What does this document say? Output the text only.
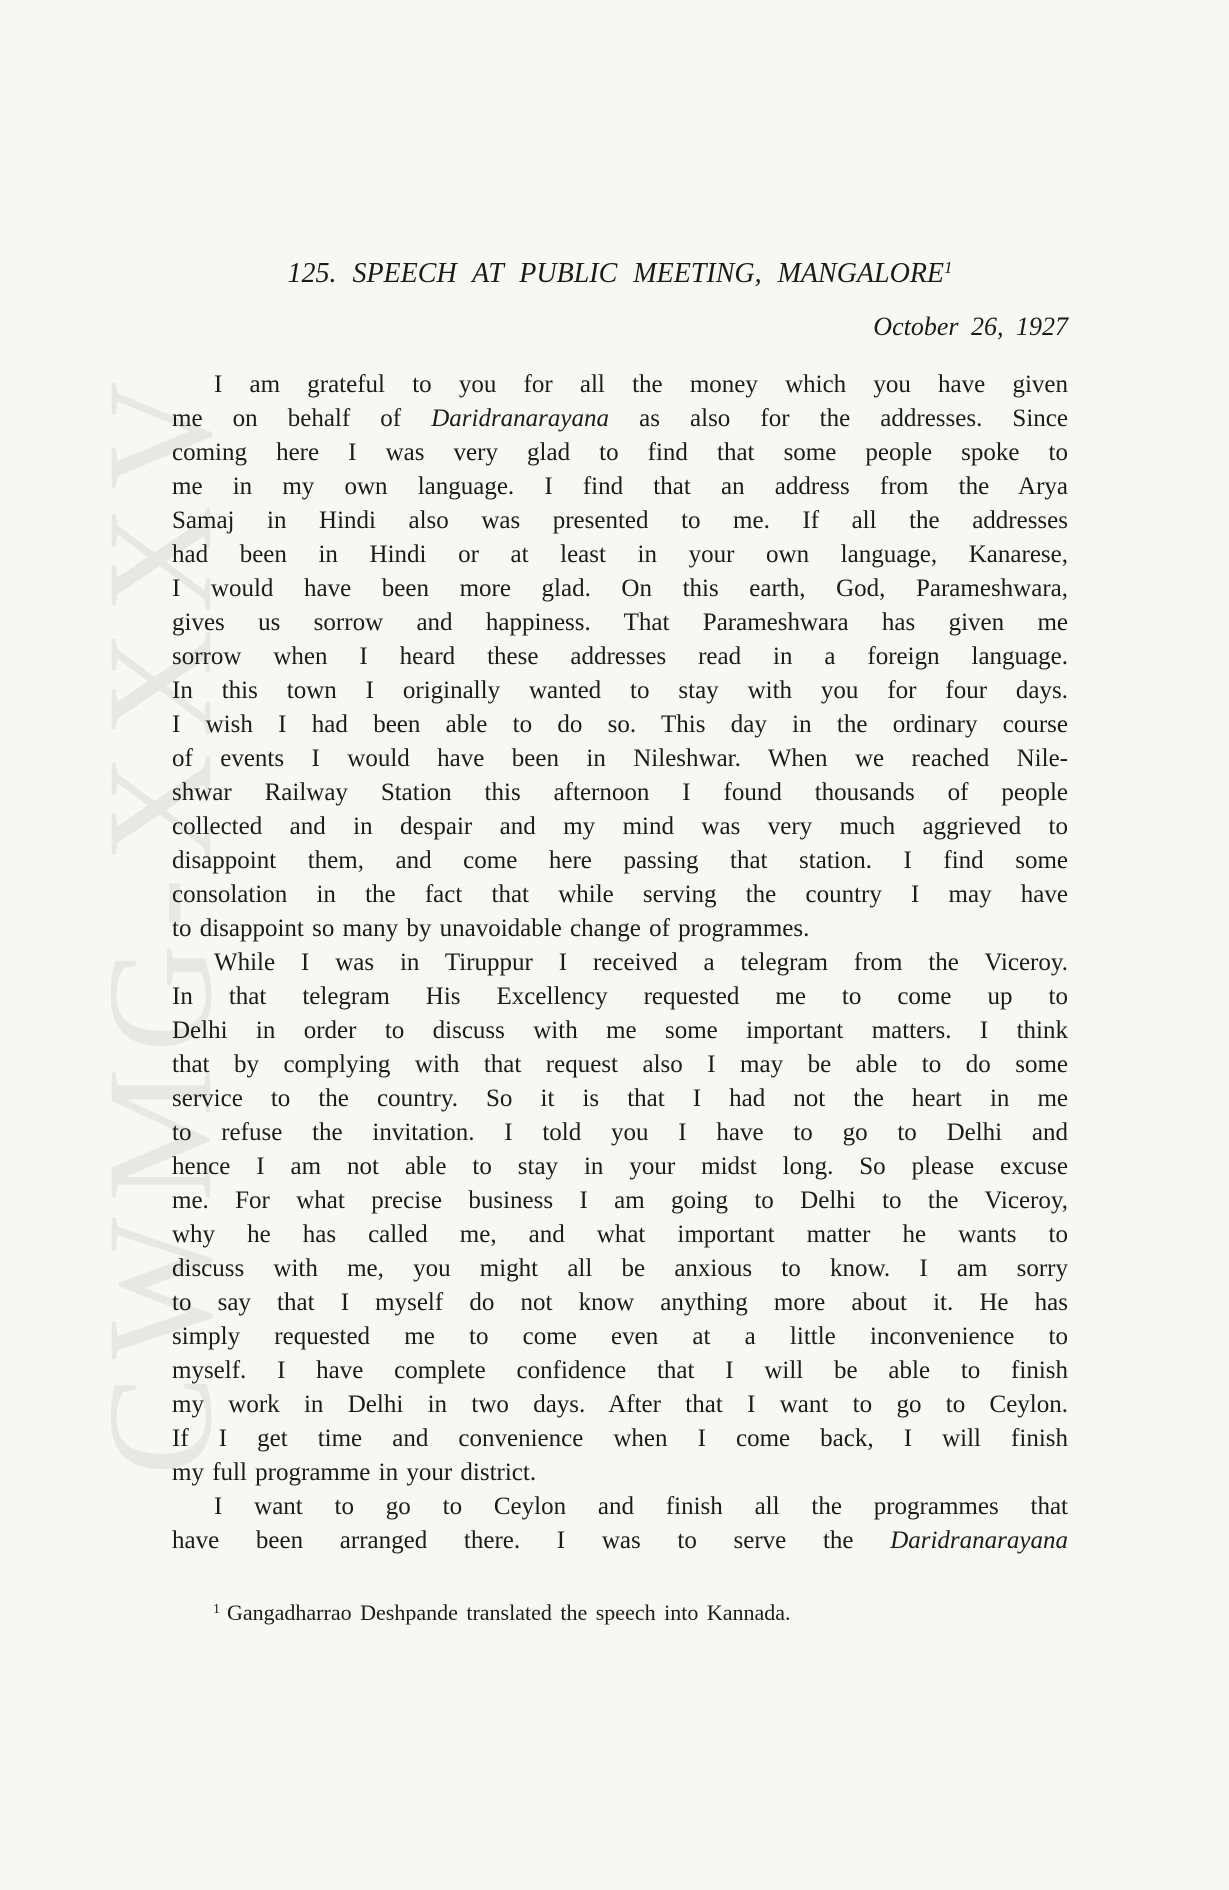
CWMG-XXXV
125. SPEECH AT PUBLIC MEETING, MANGALORE$^1$
October 26, 1927
I am grateful to you for all the money which you have given
me on behalf of Daridranarayana as also for the addresses. Since
coming here I was very glad to find that some people spoke to
me in my own language. I find that an address from the Arya
Samaj in Hindi also was presented to me. If all the addresses
had been in Hindi or at least in your own language, Kanarese,
I would have been more glad. On this earth, God, Parameshwara,
gives us sorrow and happiness. That Parameshwara has given me
sorrow when I heard these addresses read in a foreign language.
In this town I originally wanted to stay with you for four days.
I wish I had been able to do so. This day in the ordinary course
of events I would have been in Nileshwar. When we reached Nile-
shwar Railway Station this afternoon I found thousands of people
collected and in despair and my mind was very much aggrieved to
disappoint them, and come here passing that station. I find some
consolation in the fact that while serving the country I may have
to disappoint so many by unavoidable change of programmes.
While I was in Tiruppur I received a telegram from the Viceroy.
In that telegram His Excellency requested me to come up to
Delhi in order to discuss with me some important matters. I think
that by complying with that request also I may be able to do some
service to the country. So it is that I had not the heart in me
to refuse the invitation. I told you I have to go to Delhi and
hence I am not able to stay in your midst long. So please excuse
me. For what precise business I am going to Delhi to the Viceroy,
why he has called me, and what important matter he wants to
discuss with me, you might all be anxious to know. I am sorry
to say that I myself do not know anything more about it. He has
simply requested me to come even at a little inconvenience to
myself. I have complete confidence that I will be able to finish
my work in Delhi in two days. After that I want to go to Ceylon.
If I get time and convenience when I come back, I will finish
my full programme in your district.
I want to go to Ceylon and finish all the programmes that
have been arranged there. I was to serve the Daridranarayana
$^1$ Gangadharrao Deshpande translated the speech into Kannada.
